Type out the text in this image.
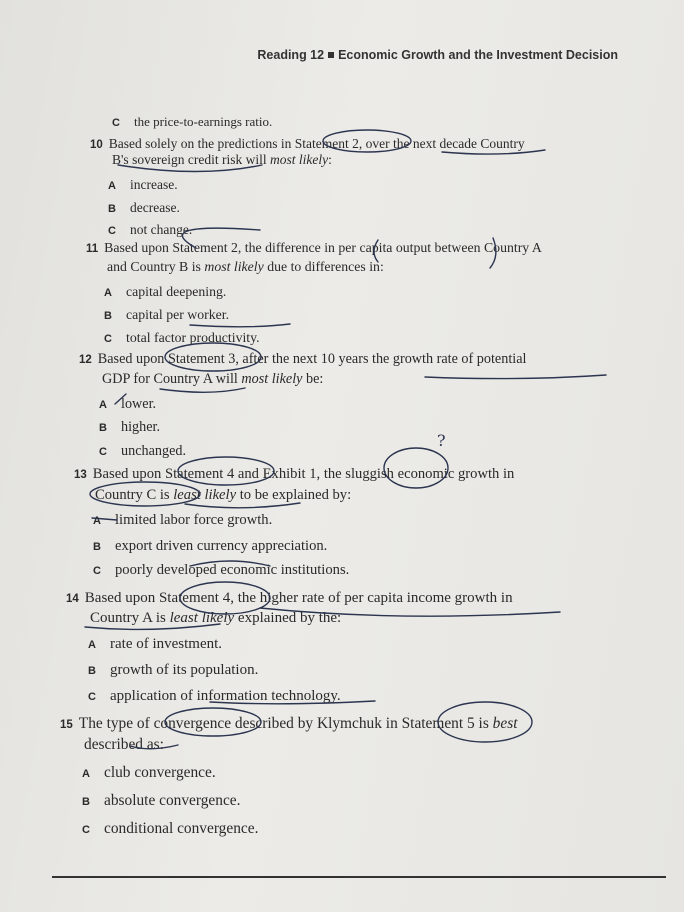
Reading 12 Economic Growth and the Investment Decision
C the price-to-earnings ratio.
10 Based solely on the predictions in Statement 2, over the next decade Country
B's sovereign credit risk will most likely:
A increase.
B decrease.
C not change.
11 Based upon Statement 2, the difference in per capita output between Country A
and Country B is most likely due to differences in:
A capital deepening.
B capital per worker.
C total factor productivity.
12 Based upon Statement 3, after the next 10 years the growth rate of potential
GDP for Country A will most likely be:
A lower.
B higher.
C unchanged.
13 Based upon Statement 4 and Exhibit 1, the sluggish economic growth in
Country C is least likely to be explained by:
A limited labor force growth.
B export driven currency appreciation.
C poorly developed economic institutions.
14 Based upon Statement 4, the higher rate of per capita income growth in
Country A is least likely explained by the:
A rate of investment.
B growth of its population.
C application of information technology.
15 The type of convergence described by Klymchuk in Statement 5 is best
described as:
A club convergence.
B absolute convergence.
C conditional convergence.
?
